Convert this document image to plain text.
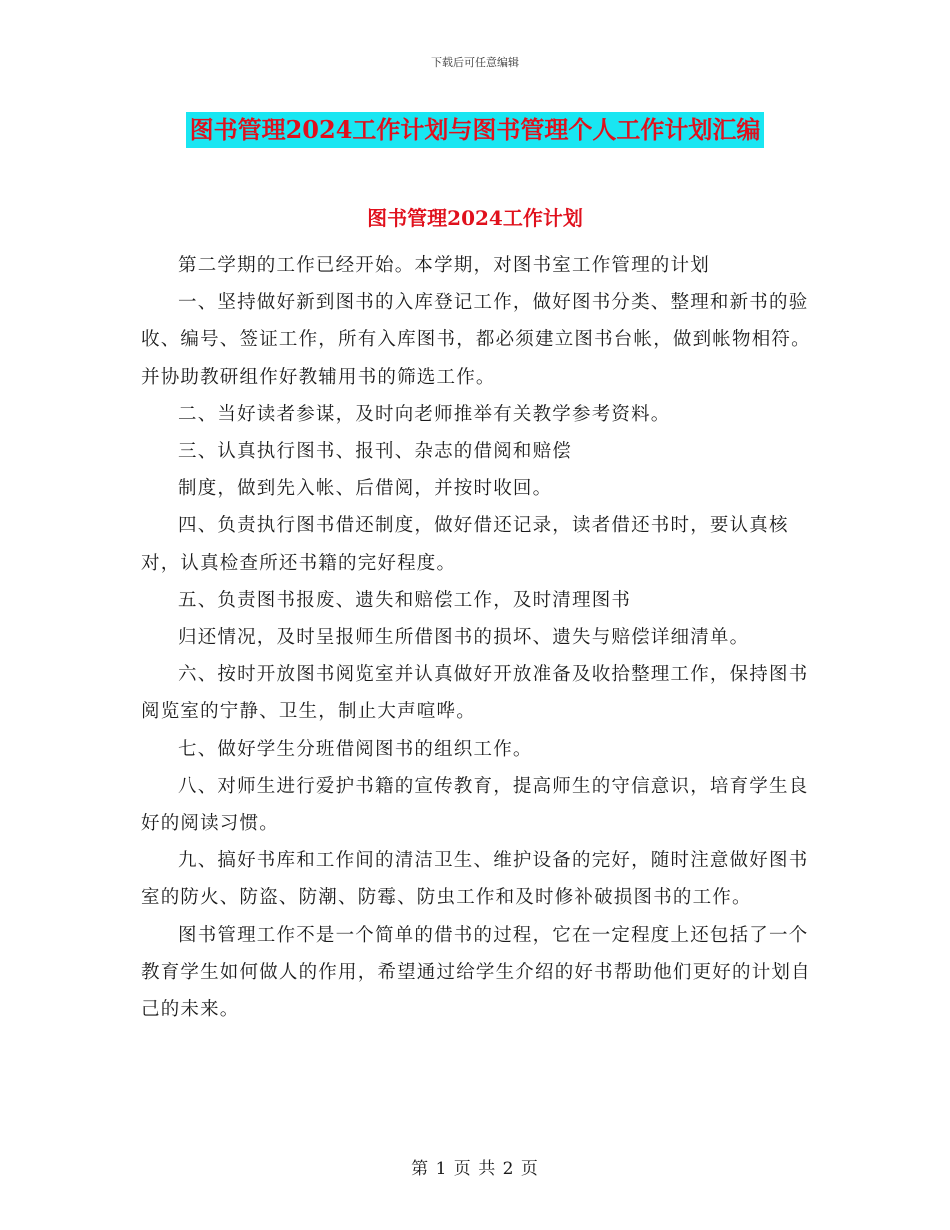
下载后可任意编辑
图书管理2024工作计划与图书管理个人工作计划汇编
图书管理2024工作计划

第二学期的工作已经开始。本学期，对图书室工作管理的计划

一、坚持做好新到图书的入库登记工作，做好图书分类、整理和新书的验收、编号、签证工作，所有入库图书，都必须建立图书台帐，做到帐物相符。并协助教研组作好教辅用书的筛选工作。

二、当好读者参谋，及时向老师推举有关教学参考资料。

三、认真执行图书、报刊、杂志的借阅和赔偿

制度，做到先入帐、后借阅，并按时收回。

四、负责执行图书借还制度，做好借还记录，读者借还书时，要认真核对，认真检查所还书籍的完好程度。

五、负责图书报废、遗失和赔偿工作，及时清理图书

归还情况，及时呈报师生所借图书的损坏、遗失与赔偿详细清单。

六、按时开放图书阅览室并认真做好开放准备及收拾整理工作，保持图书阅览室的宁静、卫生，制止大声喧哗。

七、做好学生分班借阅图书的组织工作。

八、对师生进行爱护书籍的宣传教育，提高师生的守信意识，培育学生良好的阅读习惯。

九、搞好书库和工作间的清洁卫生、维护设备的完好，随时注意做好图书室的防火、防盗、防潮、防霉、防虫工作和及时修补破损图书的工作。

图书管理工作不是一个简单的借书的过程，它在一定程度上还包括了一个教育学生如何做人的作用，希望通过给学生介绍的好书帮助他们更好的计划自己的未来。

第 1 页 共 2 页
